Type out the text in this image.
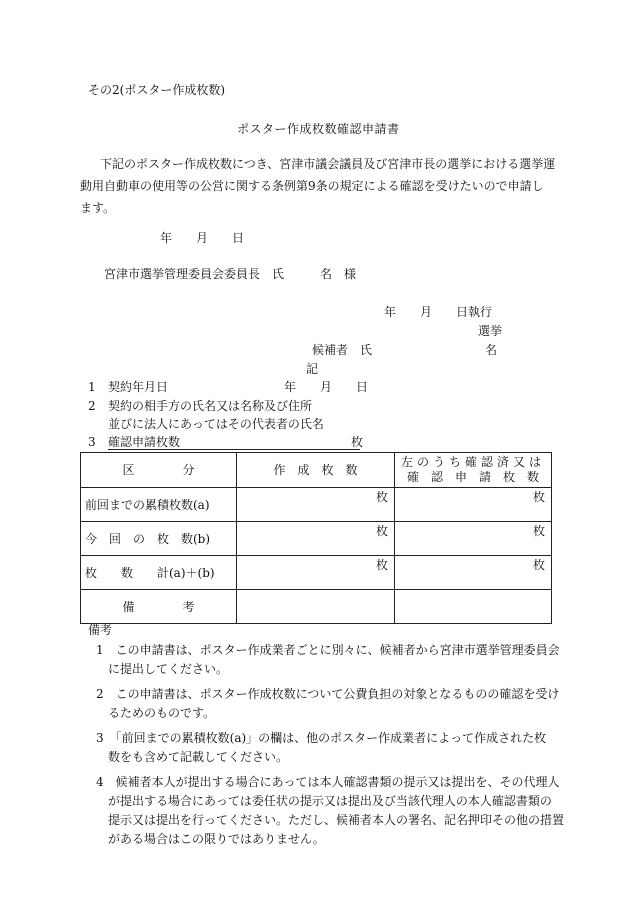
その2(ポスター作成枚数)
ポスター作成枚数確認申請書
下記のポスター作成枚数につき、宮津市議会議員及び宮津市長の選挙における選挙運
動用自動車の使用等の公営に関する条例第9条の規定による確認を受けたいので申請し
ます。
年　　月　　日
宮津市選挙管理委員会委員長　氏　　　名　様
年　　月　　日執行
選挙
候補者　氏	名
記
1 契約年月日	年　　月　　日
2 契約の相手方の氏名又は名称及び住所
並びに法人にあってはその代表者の氏名
3 確認申請枚数	枚
区　　　　分	作　成　枚　数	左のうち確認済又は
確　認　申　請　枚　数

前回までの累積枚数(a)	枚	枚

今　回　の　枚　数(b)	枚	枚

枚　　数　　計(a)＋(b)	枚	枚

備　　　　考		
備考
1　この申請書は、ポスター作成業者ごとに別々に、候補者から宮津市選挙管理委員会
に提出してください。
2　この申請書は、ポスター作成枚数について公費負担の対象となるものの確認を受け
るためのものです。
3　「前回までの累積枚数(a)」の欄は、他のポスター作成業者によって作成された枚
数をも含めて記載してください。
4　候補者本人が提出する場合にあっては本人確認書類の提示又は提出を、その代理人
が提出する場合にあっては委任状の提示又は提出及び当該代理人の本人確認書類の
提示又は提出を行ってください。ただし、候補者本人の署名、記名押印その他の措置
がある場合はこの限りではありません。
